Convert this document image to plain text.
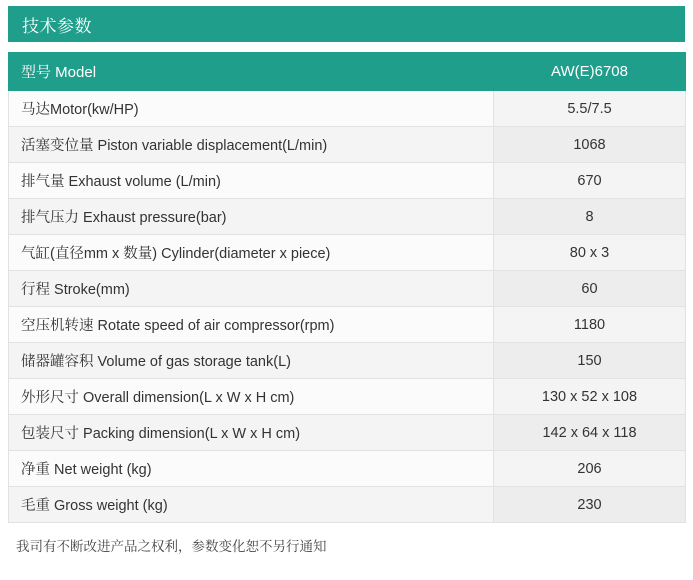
技术参数
型号 Model	AW(E)6708
马达Motor(kw/HP)	5.5/7.5
活塞变位量 Piston variable displacement(L/min)	1068
排气量 Exhaust volume (L/min)	670
排气压力 Exhaust pressure(bar)	8
气缸(直径mm x 数量) Cylinder(diameter x piece)	80 x 3
行程 Stroke(mm)	60
空压机转速 Rotate speed of air compressor(rpm)	1180
储器罐容积 Volume of gas storage tank(L)	150
外形尺寸 Overall dimension(L x W x H cm)	130 x 52 x 108
包装尺寸 Packing dimension(L x W x H cm)	142 x 64 x 118
净重 Net weight (kg)	206
毛重 Gross weight (kg)	230
我司有不断改进产品之权利，参数变化恕不另行通知
